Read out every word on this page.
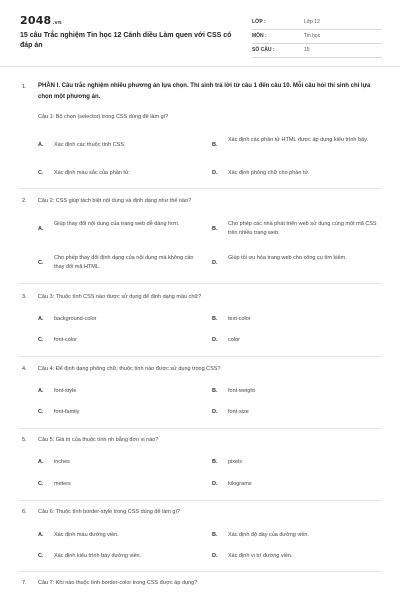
2048.vn
15 câu Trắc nghiệm Tin học 12 Cánh diều Làm quen với CSS có đáp án
LỚP :	Lớp 12
MÔN :	Tin học
SỐ CÂU :	15
1. PHẦN I. Câu trắc nghiệm nhiều phương án lựa chọn. Thí sinh trả lời từ câu 1 đến câu 10. Mỗi câu hỏi thí sinh chỉ lựa chọn một phương án.
Câu 1: Bộ chọn (selector) trong CSS dùng để làm gì?
A. Xác định các thuộc tính CSS.	B.
Xác định các phần tử HTML được áp dụng kiểu trình bày.
C. Xác định màu sắc của phần tử.	D. Xác định phông chữ cho phần tử.
2. Câu 2: CSS giúp tách biệt nội dung và định dạng như thế nào?
A.
Giúp thay đổi nội dung của trang web dễ dàng hơn.
B.
Cho phép các nhà phát triển web sử dụng cùng một mã CSS trên nhiều trang web.
C.
Cho phép thay đổi định dạng của nội dung mà không cần thay đổi mã HTML.
D.
Giúp tối ưu hóa trang web cho công cụ tìm kiếm.
3. Câu 3: Thuộc tính CSS nào được sử dụng để định dạng màu chữ?
A. background-color	B. text-color
C. font-color	D. color
4. Câu 4: Để định dạng phông chữ, thuộc tính nào được sử dụng trong CSS?
A. font-style	B. font-weight
C. font-family	D. font-size
5. Câu 5: Giá trị của thuộc tính nh bằng đơn vị nào?
A. inches	B. pixels
C. meters	D. kilograms
6. Câu 6: Thuộc tính border-style trong CSS dùng để làm gì?
A. Xác định màu đường viền.	B. Xác định độ dày của đường viền.
C. Xác định kiểu trình bày đường viền.	D. Xác định vị trí đường viền.
7. Câu 7: Khi nào thuộc tính border-color trong CSS được áp dụng?
